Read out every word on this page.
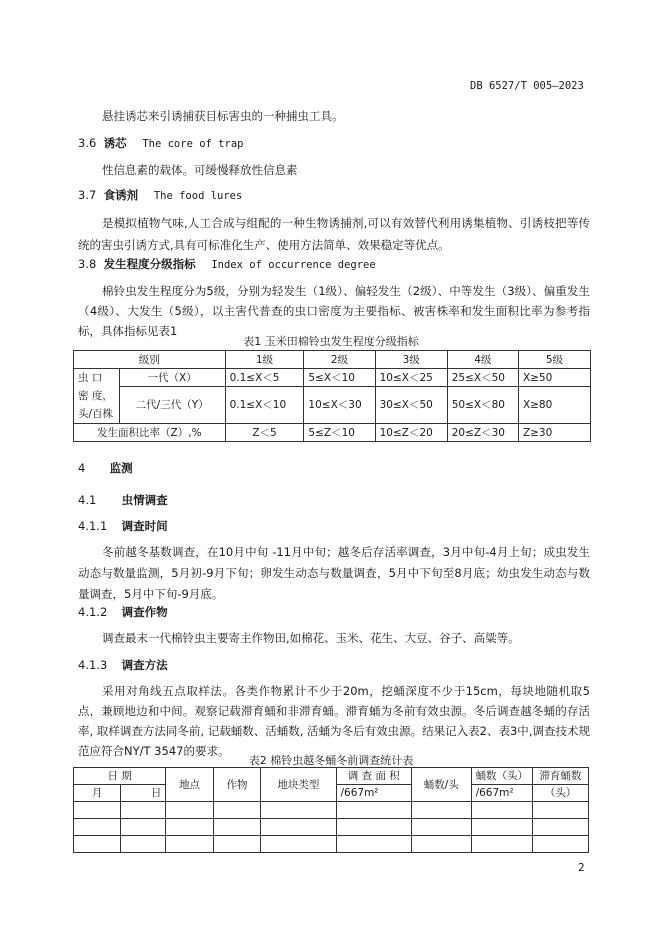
DB 6527/T 005—2023

悬挂诱芯来引诱捕获目标害虫的一种捕虫工具。

3.6 诱芯 The core of trap

性信息素的载体。可缓慢释放性信息素

3.7 食诱剂 The food lures

是模拟植物气味,人工合成与组配的一种生物诱捕剂,可以有效替代利用诱集植物、引诱枝把等传统的害虫引诱方式,具有可标准化生产、使用方法简单、效果稳定等优点。

3.8 发生程度分级指标 Index of occurrence degree

棉铃虫发生程度分为5级，分别为轻发生（1级）、偏轻发生（2级）、中等发生（3级）、偏重发生（4级）、大发生（5级），以主害代普查的虫口密度为主要指标、被害株率和发生面积比率为参考指标，具体指标见表1

表1 玉米田棉铃虫发生程度分级指标
级别		1级	2级	3级	4级	5级
虫 口 密 度，头/百株	一代（X）	0.1≤X＜5	5≤X＜10	10≤X＜25	25≤X＜50	X≥50
	二代/三代（Y）	0.1≤X＜10	10≤X＜30	30≤X＜50	50≤X＜80	X≥80
发生面积比率（Z）,%		Z＜5	5≤Z＜10	10≤Z＜20	20≤Z＜30	Z≥30

4 监测

4.1 虫情调查

4.1.1 调查时间

冬前越冬基数调查，在10月中旬 -11月中旬；越冬后存活率调查，3月中旬-4月上旬；成虫发生动态与数量监测，5月初-9月下旬；卵发生动态与数量调查，5月中下旬至8月底；幼虫发生动态与数量调查，5月中下旬-9月底。

4.1.2 调查作物

调查最末一代棉铃虫主要寄主作物田,如棉花、玉米、花生、大豆、谷子、高粱等。

4.1.3 调查方法

采用对角线五点取样法。各类作物累计不少于20m，挖蛹深度不少于15cm，每块地随机取5点，兼顾地边和中间。观察记载滞育蛹和非滞育蛹。滞育蛹为冬前有效虫源。冬后调查越冬蛹的存活率, 取样调查方法同冬前, 记载蛹数、活蛹数, 活蛹为冬后有效虫源。结果记入表2、表3中,调查技术规范应符合NY/T 3547的要求。

表2 棉铃虫越冬蛹冬前调查统计表
日 期		地点	作物	地块类型	调 查 面 积	蛹数/头	蛹数（头）	滞育蛹数
月	日				/667m²		/667m²	（头）

2
